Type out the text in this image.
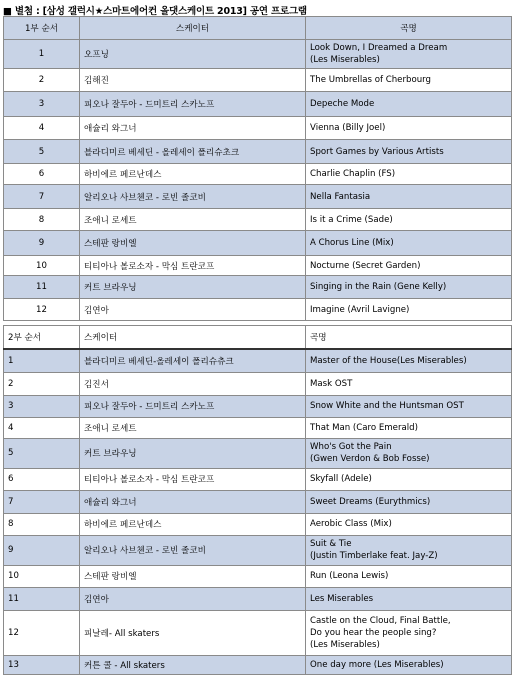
■ 별첨 : [삼성 갤럭시★스마트에어컨 올댓스케이트 2013] 공연 프로그램
1부 순서	스케이터	곡명
1	오프닝	Look Down, I Dreamed a Dream
(Les Miserables)

2	김해진	The Umbrellas of Cherbourg

3	피오나 잘두아 - 드미트리 스카노프	Depeche Mode

4	애슐리 와그너	Vienna (Billy Joel)

5	블라디미르 베세딘 - 올레세이 폴리슈초크	Sport Games by Various Artists

6	하비에르 페르난데스	Charlie Chaplin (FS)

7	알리오나 사브첸코 - 로빈 졸코비	Nella Fantasia

8	조애니 로셰트	Is it a Crime (Sade)

9	스테판 랑비엘	A Chorus Line (Mix)

10	티티아나 볼로소자 - 막심 트란코프	Nocturne (Secret Garden)

11	커트 브라우닝	Singing in the Rain (Gene Kelly)

12	김연아	Imagine (Avril Lavigne)
2부 순서	스케이터	곡명
1	블라디미르 베세딘-올레세이 폴리슈츄크	Master of the House(Les Miserables)

2	김진서	Mask OST

3	피오나 잘두아 - 드미트리 스카노프	Snow White and the Huntsman OST

4	조애니 로셰트	That Man (Caro Emerald)

5	커트 브라우닝	Who's Got the Pain
(Gwen Verdon & Bob Fosse)

6	티티아나 볼로소자 - 막심 트란코프	Skyfall (Adele)

7	애슐리 와그너	Sweet Dreams (Eurythmics)

8	하비에르 페르난데스	Aerobic Class (Mix)

9	알리오나 사브첸코 - 로빈 졸코비	Suit & Tie
(Justin Timberlake feat. Jay-Z)

10	스테판 랑비엘	Run (Leona Lewis)

11	김연아	Les Miserables

12	피날레- All skaters	Castle on the Cloud, Final Battle,
Do you hear the people sing?
(Les Miserables)

13	커튼 콜 - All skaters	One day more (Les Miserables)
